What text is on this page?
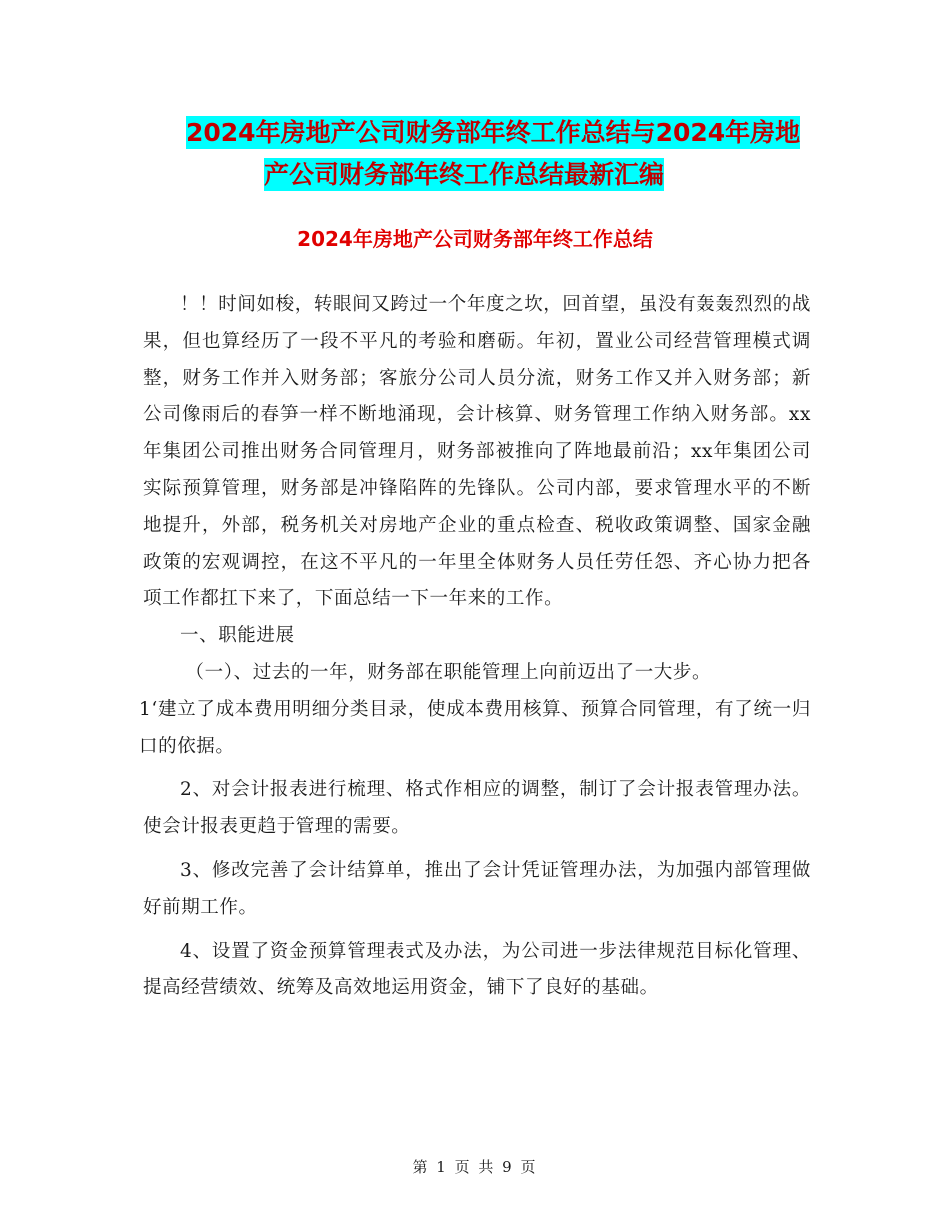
2024年房地产公司财务部年终工作总结与2024年房地
产公司财务部年终工作总结最新汇编
2024年房地产公司财务部年终工作总结

！！时间如梭，转眼间又跨过一个年度之坎，回首望，虽没有轰轰烈烈的战果，但也算经历了一段不平凡的考验和磨砺。年初，置业公司经营管理模式调整，财务工作并入财务部；客旅分公司人员分流，财务工作又并入财务部；新公司像雨后的春笋一样不断地涌现，会计核算、财务管理工作纳入财务部。xx年集团公司推出财务合同管理月，财务部被推向了阵地最前沿；xx年集团公司实际预算管理，财务部是冲锋陷阵的先锋队。公司内部，要求管理水平的不断地提升，外部，税务机关对房地产企业的重点检查、税收政策调整、国家金融政策的宏观调控，在这不平凡的一年里全体财务人员任劳任怨、齐心协力把各项工作都扛下来了，下面总结一下一年来的工作。

一、职能进展

（一）、过去的一年，财务部在职能管理上向前迈出了一大步。

1‘建立了成本费用明细分类目录，使成本费用核算、预算合同管理，有了统一归口的依据。

2、对会计报表进行梳理、格式作相应的调整，制订了会计报表管理办法。使会计报表更趋于管理的需要。

3、修改完善了会计结算单，推出了会计凭证管理办法，为加强内部管理做好前期工作。

4、设置了资金预算管理表式及办法，为公司进一步法律规范目标化管理、提高经营绩效、统筹及高效地运用资金，铺下了良好的基础。

第 1 页 共 9 页
